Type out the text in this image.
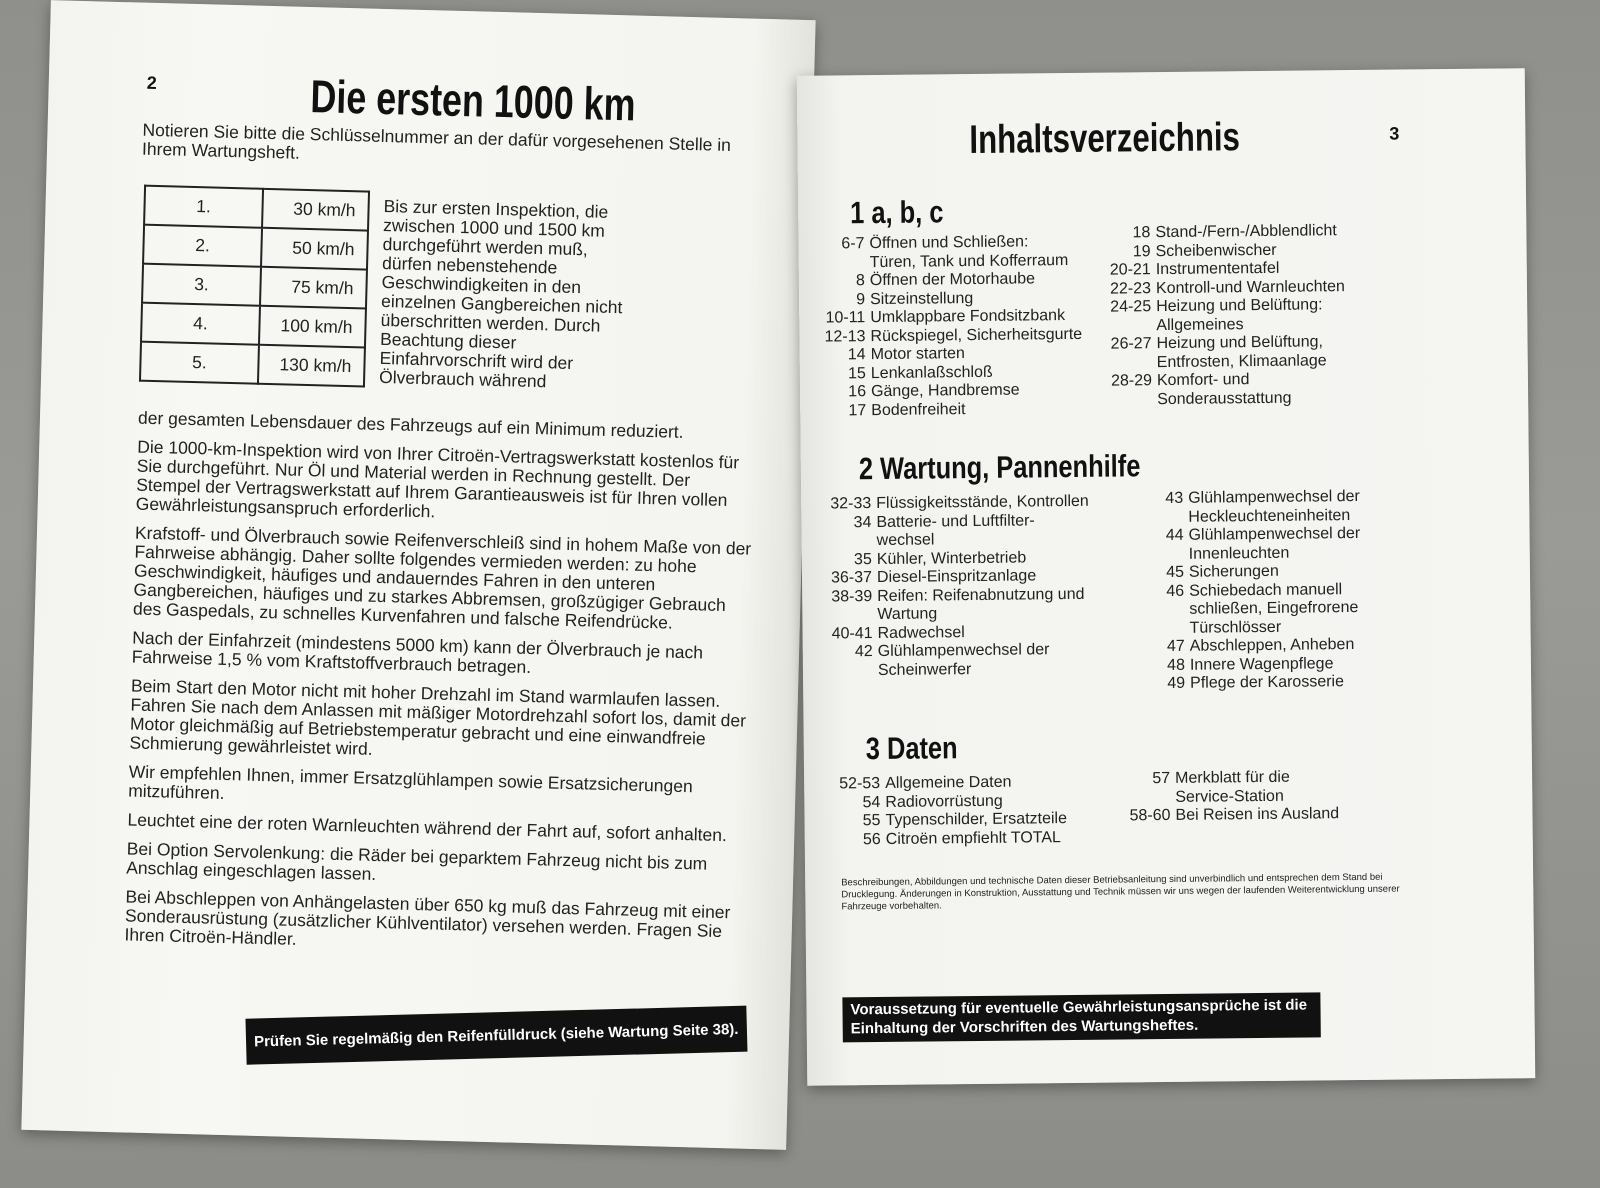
2	Die ersten 1000 km
Notieren Sie bitte die Schlüsselnummer an der dafür vorgesehenen Stelle in Ihrem Wartungsheft.
1.	30 km/h
2.	50 km/h
3.	75 km/h
4.	100 km/h
5.	130 km/h
Bis zur ersten Inspektion, die zwischen 1000 und 1500 km durchgeführt werden muß, dürfen nebenstehende Geschwindigkeiten in den einzelnen Gangbereichen nicht überschritten werden. Durch Beachtung dieser Einfahrvorschrift wird der Ölverbrauch während

der gesamten Lebensdauer des Fahrzeugs auf ein Minimum reduziert.

Die 1000-km-Inspektion wird von Ihrer Citroën-Vertragswerkstatt kostenlos für Sie durchgeführt. Nur Öl und Material werden in Rechnung gestellt. Der Stempel der Vertragswerkstatt auf Ihrem Garantieausweis ist für Ihren vollen Gewährleistungsanspruch erforderlich.

Krafstoff- und Ölverbrauch sowie Reifenverschleiß sind in hohem Maße von der Fahrweise abhängig. Daher sollte folgendes vermieden werden: zu hohe Geschwindigkeit, häufiges und andauerndes Fahren in den unteren Gangbereichen, häufiges und zu starkes Abbremsen, großzügiger Gebrauch des Gaspedals, zu schnelles Kurvenfahren und falsche Reifendrücke.

Nach der Einfahrzeit (mindestens 5000 km) kann der Ölverbrauch je nach Fahrweise 1,5 % vom Kraftstoffverbrauch betragen.

Beim Start den Motor nicht mit hoher Drehzahl im Stand warmlaufen lassen. Fahren Sie nach dem Anlassen mit mäßiger Motordrehzahl sofort los, damit der Motor gleichmäßig auf Betriebstemperatur gebracht und eine einwandfreie Schmierung gewährleistet wird.

Wir empfehlen Ihnen, immer Ersatzglühlampen sowie Ersatzsicherungen mitzuführen.

Leuchtet eine der roten Warnleuchten während der Fahrt auf, sofort anhalten.

Bei Option Servolenkung: die Räder bei geparktem Fahrzeug nicht bis zum Anschlag eingeschlagen lassen.

Bei Abschleppen von Anhängelasten über 650 kg muß das Fahrzeug mit einer Sonderausrüstung (zusätzlicher Kühlventilator) versehen werden. Fragen Sie Ihren Citroën-Händler.

Prüfen Sie regelmäßig den Reifenfülldruck (siehe Wartung Seite 38).
Inhaltsverzeichnis	3
1 a, b, c
6-7 Öffnen und Schließen:
Türen, Tank und Kofferraum
8 Öffnen der Motorhaube
9 Sitzeinstellung
10-11 Umklappbare Fondsitzbank
12-13 Rückspiegel, Sicherheitsgurte
14 Motor starten
15 Lenkanlaßschloß
16 Gänge, Handbremse
17 Bodenfreiheit
18 Stand-/Fern-/Abblendlicht
19 Scheibenwischer
20-21 Instrumententafel
22-23 Kontroll-und Warnleuchten
24-25 Heizung und Belüftung:
Allgemeines
26-27 Heizung und Belüftung,
Entfrosten, Klimaanlage
28-29 Komfort- und
Sonderausstattung
2 Wartung, Pannenhilfe
32-33 Flüssigkeitsstände, Kontrollen
34 Batterie- und Luftfilter-
wechsel
35 Kühler, Winterbetrieb
36-37 Diesel-Einspritzanlage
38-39 Reifen: Reifenabnutzung und
Wartung
40-41 Radwechsel
42 Glühlampenwechsel der
Scheinwerfer
43 Glühlampenwechsel der
Heckleuchteneinheiten
44 Glühlampenwechsel der
Innenleuchten
45 Sicherungen
46 Schiebedach manuell
schließen, Eingefrorene
Türschlösser
47 Abschleppen, Anheben
48 Innere Wagenpflege
49 Pflege der Karosserie
3 Daten
52-53 Allgemeine Daten
54 Radiovorrüstung
55 Typenschilder, Ersatzteile
56 Citroën empfiehlt TOTAL
57 Merkblatt für die
Service-Station
58-60 Bei Reisen ins Ausland
Beschreibungen, Abbildungen und technische Daten dieser Betriebsanleitung sind unverbindlich und entsprechen dem Stand bei Drucklegung. Änderungen in Konstruktion, Ausstattung und Technik müssen wir uns wegen der laufenden Weiterentwicklung unserer Fahrzeuge vorbehalten.
Voraussetzung für eventuelle Gewährleistungsansprüche ist die Einhaltung der Vorschriften des Wartungsheftes.
